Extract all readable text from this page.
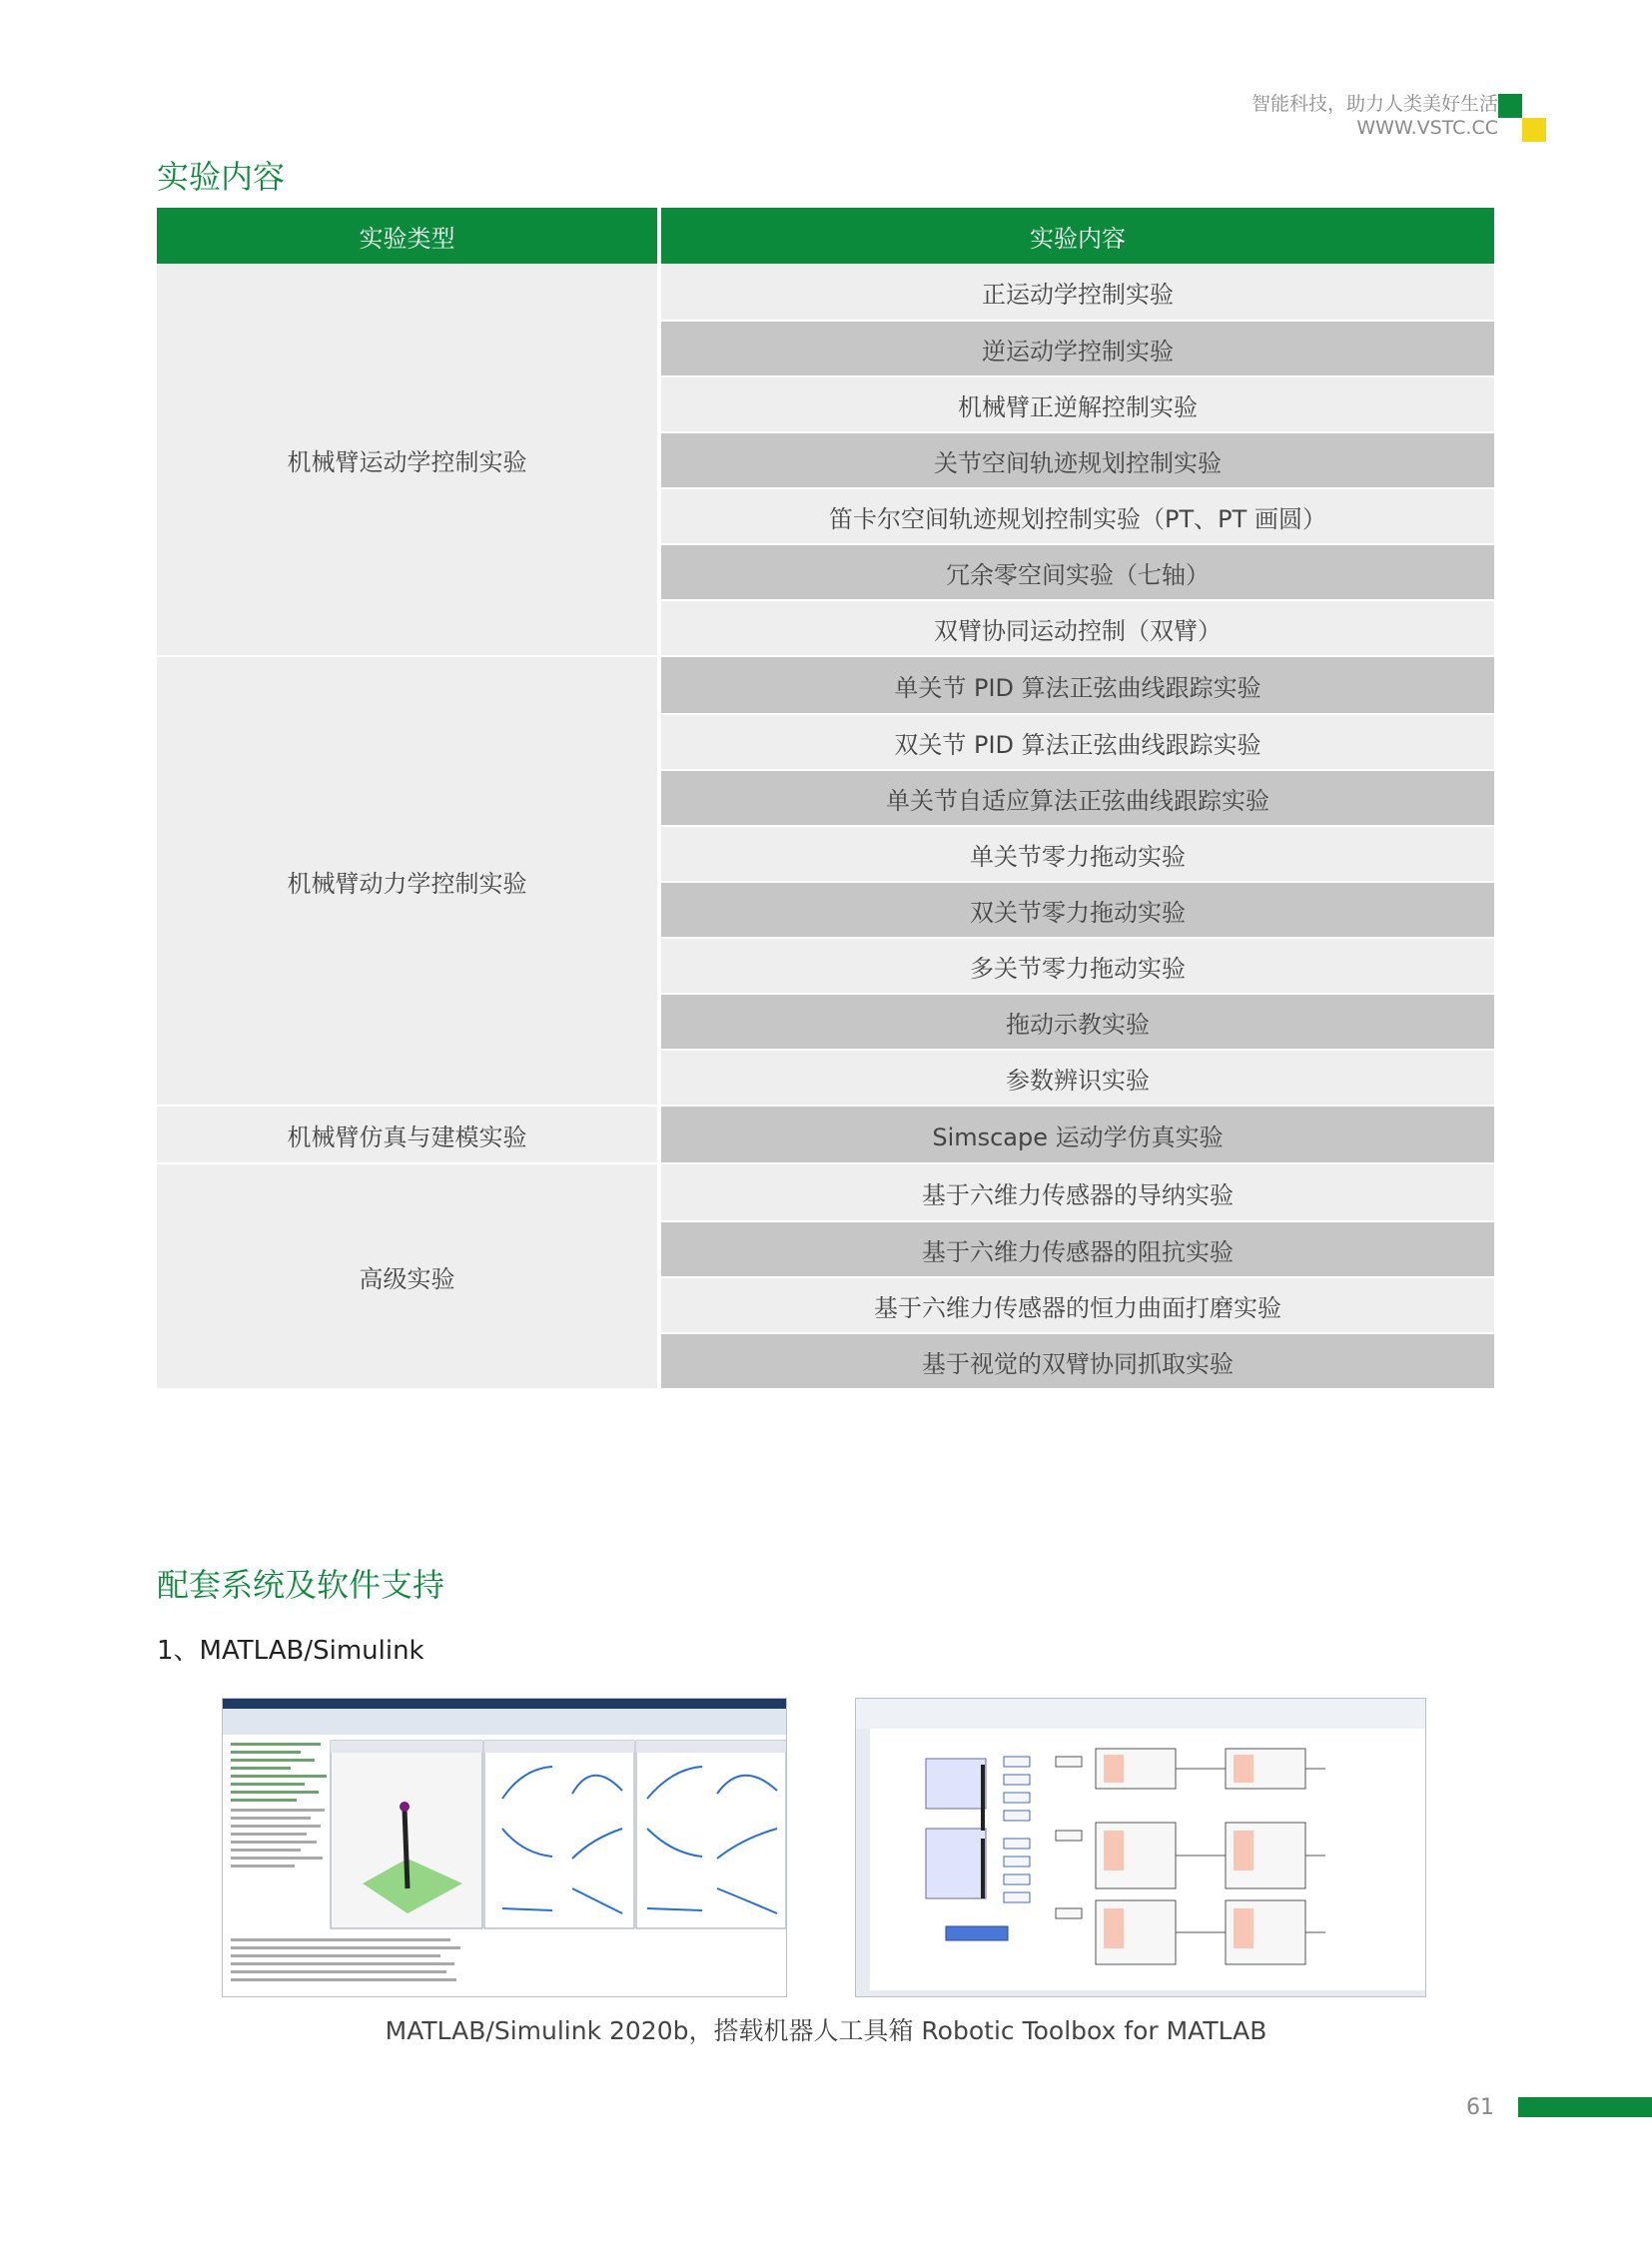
智能科技，助力人类美好生活
WWW.VSTC.CC
实验内容
实验类型	实验内容
机械臂运动学控制实验
正运动学控制实验
逆运动学控制实验
机械臂正逆解控制实验
关节空间轨迹规划控制实验
笛卡尔空间轨迹规划控制实验（PT、PT 画圆）
冗余零空间实验（七轴）
双臂协同运动控制（双臂）
机械臂动力学控制实验
单关节 PID 算法正弦曲线跟踪实验
双关节 PID 算法正弦曲线跟踪实验
单关节自适应算法正弦曲线跟踪实验
单关节零力拖动实验
双关节零力拖动实验
多关节零力拖动实验
拖动示教实验
参数辨识实验
机械臂仿真与建模实验	Simscape 运动学仿真实验
高级实验
基于六维力传感器的导纳实验
基于六维力传感器的阻抗实验
基于六维力传感器的恒力曲面打磨实验
基于视觉的双臂协同抓取实验
配套系统及软件支持
1、MATLAB/Simulink
MATLAB/Simulink 2020b，搭载机器人工具箱 Robotic Toolbox for MATLAB
61
